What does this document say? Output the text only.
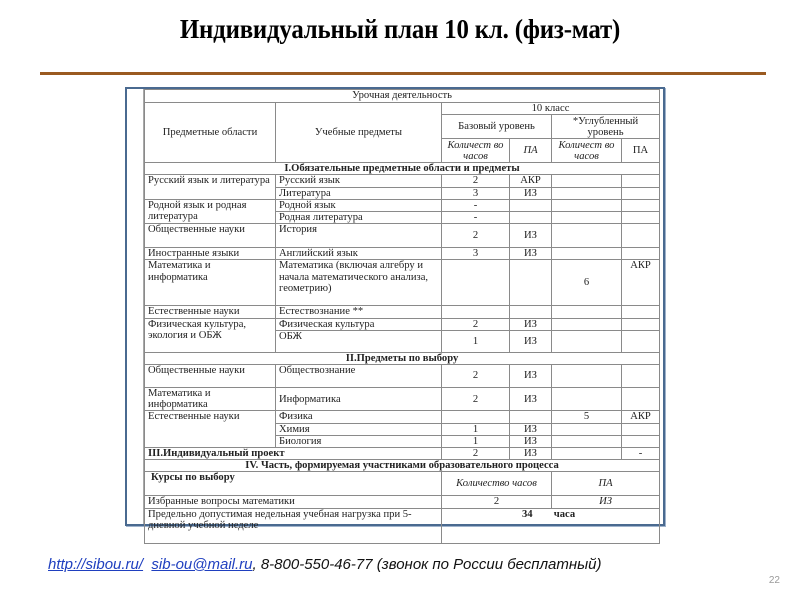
Индивидуальный план 10 кл. (физ-мат)
Урочная деятельность					
Предметные области	Учебные предметы	10 класс			
		Базовый уровень		*Углубленный уровень	
		Количест во часов	ПА	Количест во часов	ПА
I.Обязательные предметные области и предметы					
Русский язык и литература	Русский язык	2	АКР		
	Литература	3	ИЗ		
Родной язык и родная литература	Родной язык	-			
	Родная литература	-			
Общественные науки	История	2	ИЗ		
Иностранные языки	Английский язык	3	ИЗ		
Математика и информатика	Математика (включая алгебру и начала математического анализа, геометрию)			6	АКР
Естественные науки	Естествознание **				
Физическая культура, экология и ОБЖ	Физическая культура	2	ИЗ		
	ОБЖ	1	ИЗ		
II.Предметы по выбору					
Общественные науки	Обществознание	2	ИЗ		
Математика и информатика	Информатика	2	ИЗ		
Естественные науки	Физика			5	АКР
	Химия	1	ИЗ		
	Биология	1	ИЗ		
III.Индивидуальный проект		2	ИЗ		-
IV. Часть, формируемая участниками образовательного процесса					
Курсы по выбору		Количество часов		ПА	
Избранные вопросы математики		2		ИЗ	
Предельно допустимая недельная учебная нагрузка при 5-дневной учебной неделе		34 часа			
http://sibou.ru/ sib-ou@mail.ru, 8-800-550-46-77 (звонок по России бесплатный)
22
